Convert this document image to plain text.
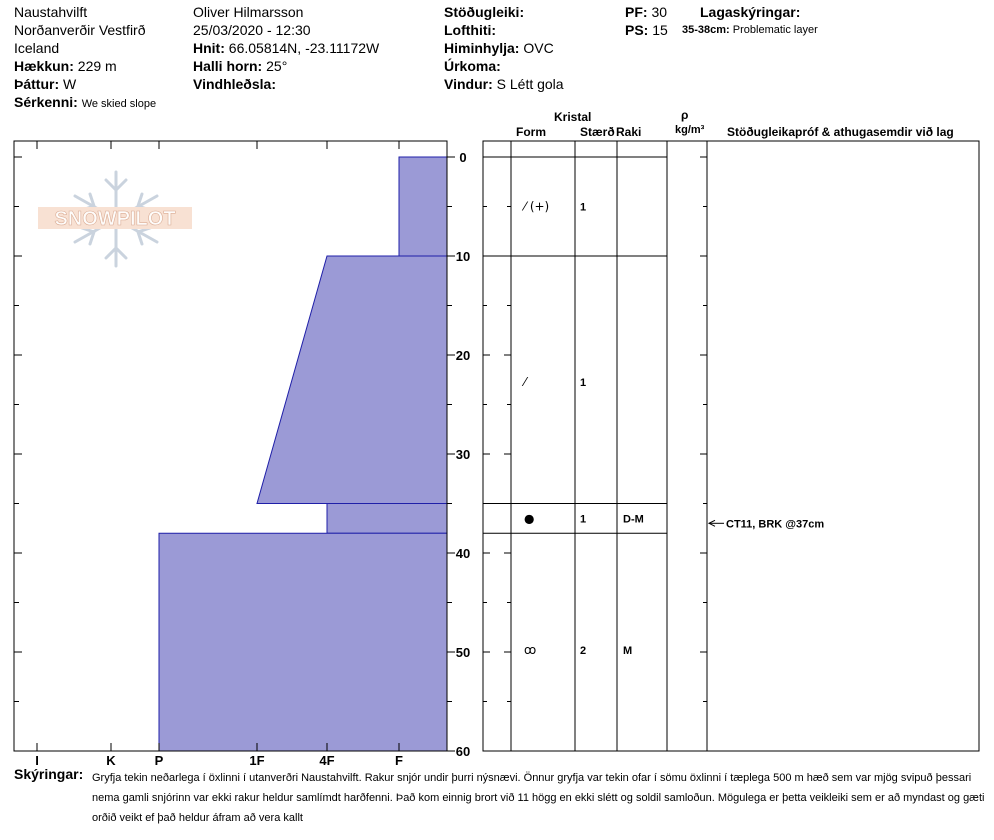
Naustahvilft
Norðanverðir Vestfirð
Iceland
Hækkun: 229 m
Þáttur: W
Sérkenni: We skied slope
Oliver Hilmarsson
25/03/2020 - 12:30
Hnit: 66.05814N, -23.11172W
Halli horn: 25°
Vindhleðsla:
Stöðugleiki:
Lofthiti:
Himinhylja: OVC
Úrkoma:
Vindur: S Létt gola
PF: 30
PS: 15
Lagaskýringar:
35-38cm: Problematic layer
Kristal
Form	Stærð Raki
ρ
kg/m³ Stöðugleikapróf & athugasemdir við lag
SNOWPILOT
I	K	P	1F	4F	F
0
10
20
30
40
50
60
⁄ (+)	1
⁄	1
●	1	D-M
ꝏ	2	M
CT11, BRK @37cm
Skýringar: Gryfja tekin neðarlega í öxlinni í utanverðri Naustahvilft. Rakur snjór undir þurri nýsnævi. Önnur gryfja var tekin ofar í sömu öxlinni í tæplega 500 m hæð sem var mjög svipuð þessari nema gamli snjórinn var ekki rakur heldur samlímdt harðfenni. Það kom einnig brort við 11 högg en ekki slétt og soldil samloðun. Mögulega er þetta veikleiki sem er að myndast og gæti orðið veikt ef það heldur áfram að vera kallt
